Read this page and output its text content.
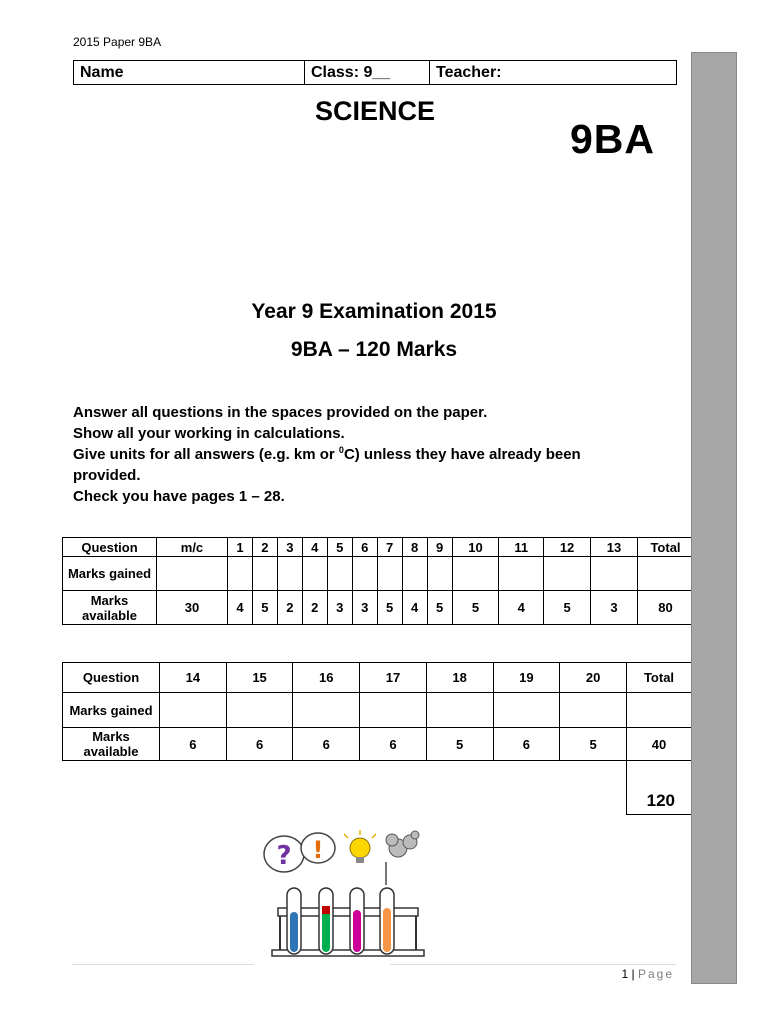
2015 Paper 9BA
Name	Class: 9__	Teacher:
SCIENCE
9BA
Year 9 Examination 2015
9BA – 120 Marks
Answer all questions in the spaces provided on the paper.
Show all your working in calculations.
Give units for all answers (e.g. km or $^0$C) unless they have already been provided.
Check you have pages 1 – 28.
Question	m/c	1	2	3	4	5	6	7	8	9	10	11	12	13	Total
Marks gained															
Marks available	30	4	5	2	2	3	3	5	4	5	5	4	5	3	80
Question	14	15	16	17	18	19	20	Total
Marks gained								
Marks available	6	6	6	6	5	6	5	40
120
? !
1 | Page
